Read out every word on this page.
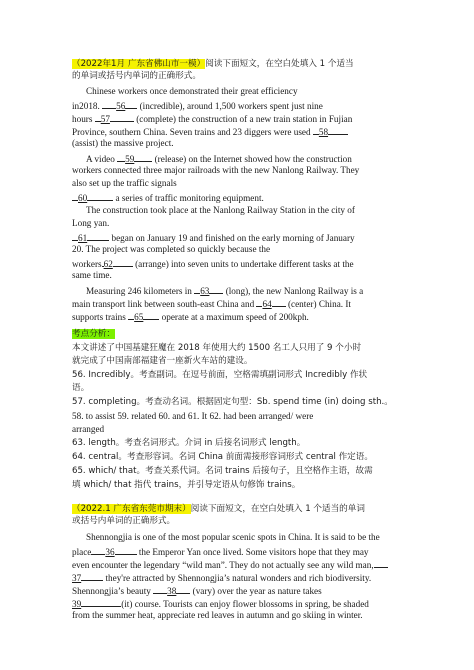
（2022年1月 广东省佛山市一模）阅读下面短文，在空白处填入 1 个适当
的单词或括号内单词的正确形式。
Chinese workers once demonstrated their great efficiency
in2018. 56 (incredible), around 1,500 workers spent just nine
hours 57	(complete) the construction of a new train station in Fujian
Province, southern China. Seven trains and 23 diggers were used 58
(assist) the massive project.
A video 59 (release) on the Internet showed how the construction
workers connected three major railroads with the new Nanlong Railway. They
also set up the traffic signals
60	a series of traffic monitoring equipment.
The construction took place at the Nanlong Railway Station in the city of
Long yan.
61 began on January 19 and finished on the early morning of January
20. The project was completed so quickly because the
workers 62 (arrange) into seven units to undertake different tasks at the
same time.
Measuring 246 kilometers in 63 (long), the new Nanlong Railway is a
main transport link between south-east China and 64 (center) China. It
supports trains 65 operate at a maximum speed of 200kph.
考点分析：
本文讲述了中国基建狂魔在 2018 年使用大约 1500 名工人只用了 9 个小时
就完成了中国南部福建省一座新火车站的建设。
56. Incredibly。考查副词。在逗号前面，空格需填副词形式 Incredibly 作状
语。
57. completing。考查动名词。根据固定句型：Sb. spend time (in) doing sth.。
58. to assist 59. related 60. and 61. It 62. had been arranged/ were
arranged
63. length。考查名词形式。介词 in 后接名词形式 length。
64. central。考查形容词。名词 China 前面需接形容词形式 central 作定语。
65. which/ that。考查关系代词。名词 trains 后接句子，且空格作主语，故需
填 which/ that 指代 trains，并引导定语从句修饰 trains。
（2022.1 广东省东莞市期末）阅读下面短文，在空白处填入 1 个适当的单词
或括号内单词的正确形式。
Shennongjia is one of the most popular scenic spots in China. It is said to be the
place 36 the Emperor Yan once lived. Some visitors hope that they may
even encounter the legendary “wild man”. They do not actually see any wild man,
37 they're attracted by Shennongjia’s natural wonders and rich biodiversity.
Shennongjia’s beauty 38 (vary) over the year as nature takes
39	(it) course. Tourists can enjoy flower blossoms in spring, be shaded
from the summer heat, appreciate red leaves in autumn and go skiing in winter.
